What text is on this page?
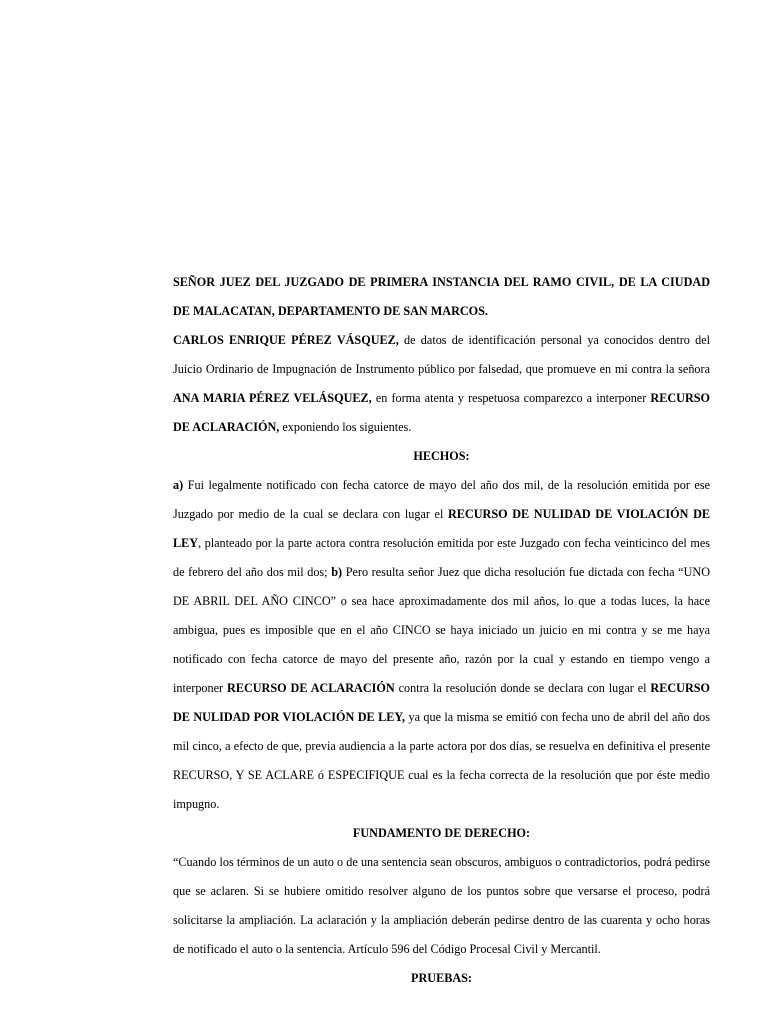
SEÑOR JUEZ DEL JUZGADO DE PRIMERA INSTANCIA DEL RAMO CIVIL, DE LA CIUDAD

DE MALACATAN, DEPARTAMENTO DE SAN MARCOS.

CARLOS ENRIQUE PÉREZ VÁSQUEZ, de datos de identificación personal ya conocidos dentro del Juicio Ordinario de Impugnación de Instrumento público por falsedad, que promueve en mi contra la señora ANA MARIA PÉREZ VELÁSQUEZ, en forma atenta y respetuosa comparezco a interponer RECURSO DE ACLARACIÓN, exponiendo los siguientes.

HECHOS:

a) Fui legalmente notificado con fecha catorce de mayo del año dos mil, de la resolución emitida por ese Juzgado por medio de la cual se declara con lugar el RECURSO DE NULIDAD DE VIOLACIÓN DE LEY, planteado por la parte actora contra resolución emitida por este Juzgado con fecha veinticinco del mes de febrero del año dos mil dos; b) Pero resulta señor Juez que dicha resolución fue dictada con fecha “UNO DE ABRIL DEL AÑO CINCO” o sea hace aproximadamente dos mil años, lo que a todas luces, la hace ambigua, pues es imposible que en el año CINCO se haya iniciado un juicio en mi contra y se me haya notificado con fecha catorce de mayo del presente año, razón por la cual y estando en tiempo vengo a interponer RECURSO DE ACLARACIÓN contra la resolución donde se declara con lugar el RECURSO DE NULIDAD POR VIOLACIÓN DE LEY, ya que la misma se emitió con fecha uno de abril del año dos mil cinco, a efecto de que, previa audiencia a la parte actora por dos días, se resuelva en definitiva el presente RECURSO, Y SE ACLARE ó ESPECIFIQUE cual es la fecha correcta de la resolución que por éste medio impugno.

FUNDAMENTO DE DERECHO:

“Cuando los términos de un auto o de una sentencia sean obscuros, ambiguos o contradictorios, podrá pedirse que se aclaren. Si se hubiere omitido resolver alguno de los puntos sobre que versarse el proceso, podrá solicitarse la ampliación. La aclaración y la ampliación deberán pedirse dentro de las cuarenta y ocho horas de notificado el auto o la sentencia. Artículo 596 del Código Procesal Civil y Mercantil.

PRUEBAS:
